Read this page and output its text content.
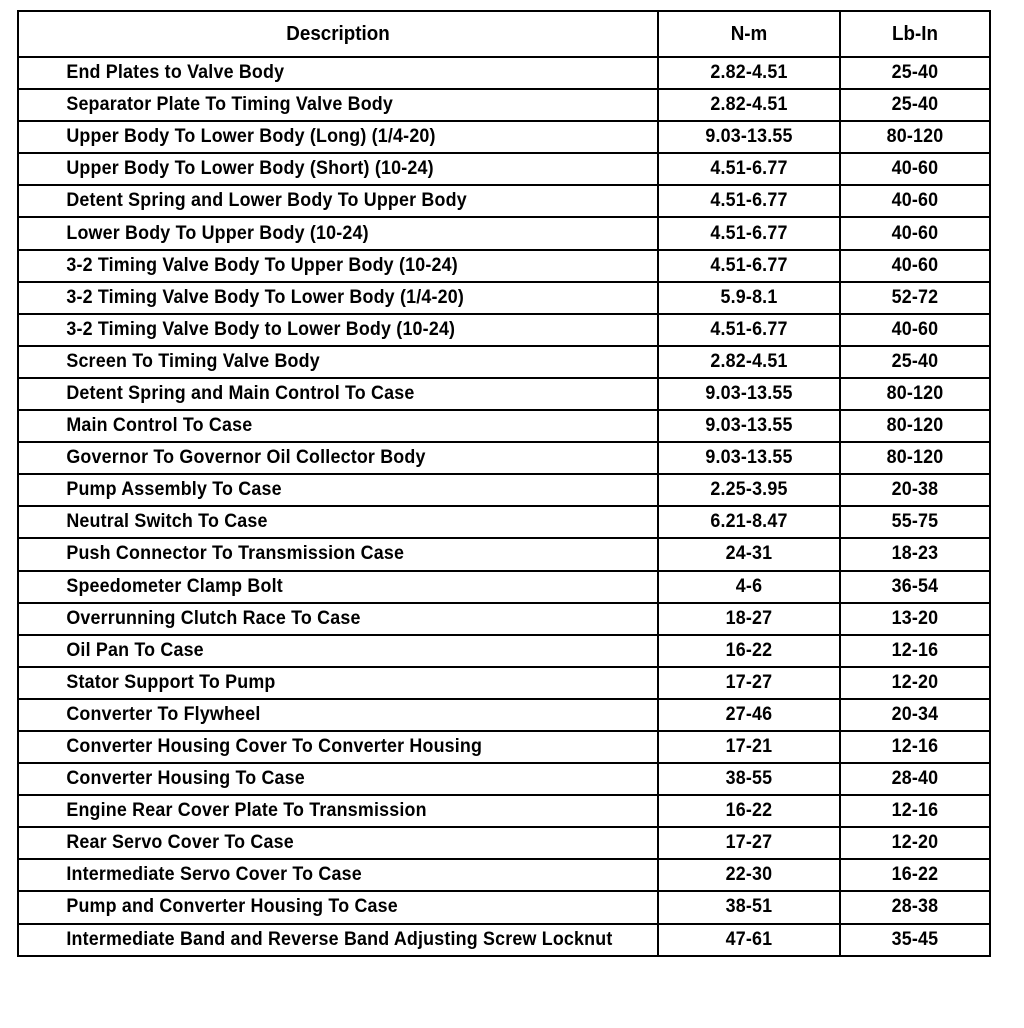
Description	N-m	Lb-In
End Plates to Valve Body	2.82-4.51	25-40
Separator Plate To Timing Valve Body	2.82-4.51	25-40
Upper Body To Lower Body (Long) (1/4-20)	9.03-13.55	80-120
Upper Body To Lower Body (Short) (10-24)	4.51-6.77	40-60
Detent Spring and Lower Body To Upper Body	4.51-6.77	40-60
Lower Body To Upper Body (10-24)	4.51-6.77	40-60
3-2 Timing Valve Body To Upper Body (10-24)	4.51-6.77	40-60
3-2 Timing Valve Body To Lower Body (1/4-20)	5.9-8.1	52-72
3-2 Timing Valve Body to Lower Body (10-24)	4.51-6.77	40-60
Screen To Timing Valve Body	2.82-4.51	25-40
Detent Spring and Main Control To Case	9.03-13.55	80-120
Main Control To Case	9.03-13.55	80-120
Governor To Governor Oil Collector Body	9.03-13.55	80-120
Pump Assembly To Case	2.25-3.95	20-38
Neutral Switch To Case	6.21-8.47	55-75
Push Connector To Transmission Case	24-31	18-23
Speedometer Clamp Bolt	4-6	36-54
Overrunning Clutch Race To Case	18-27	13-20
Oil Pan To Case	16-22	12-16
Stator Support To Pump	17-27	12-20
Converter To Flywheel	27-46	20-34
Converter Housing Cover To Converter Housing	17-21	12-16
Converter Housing To Case	38-55	28-40
Engine Rear Cover Plate To Transmission	16-22	12-16
Rear Servo Cover To Case	17-27	12-20
Intermediate Servo Cover To Case	22-30	16-22
Pump and Converter Housing To Case	38-51	28-38
Intermediate Band and Reverse Band Adjusting Screw Locknut	47-61	35-45
